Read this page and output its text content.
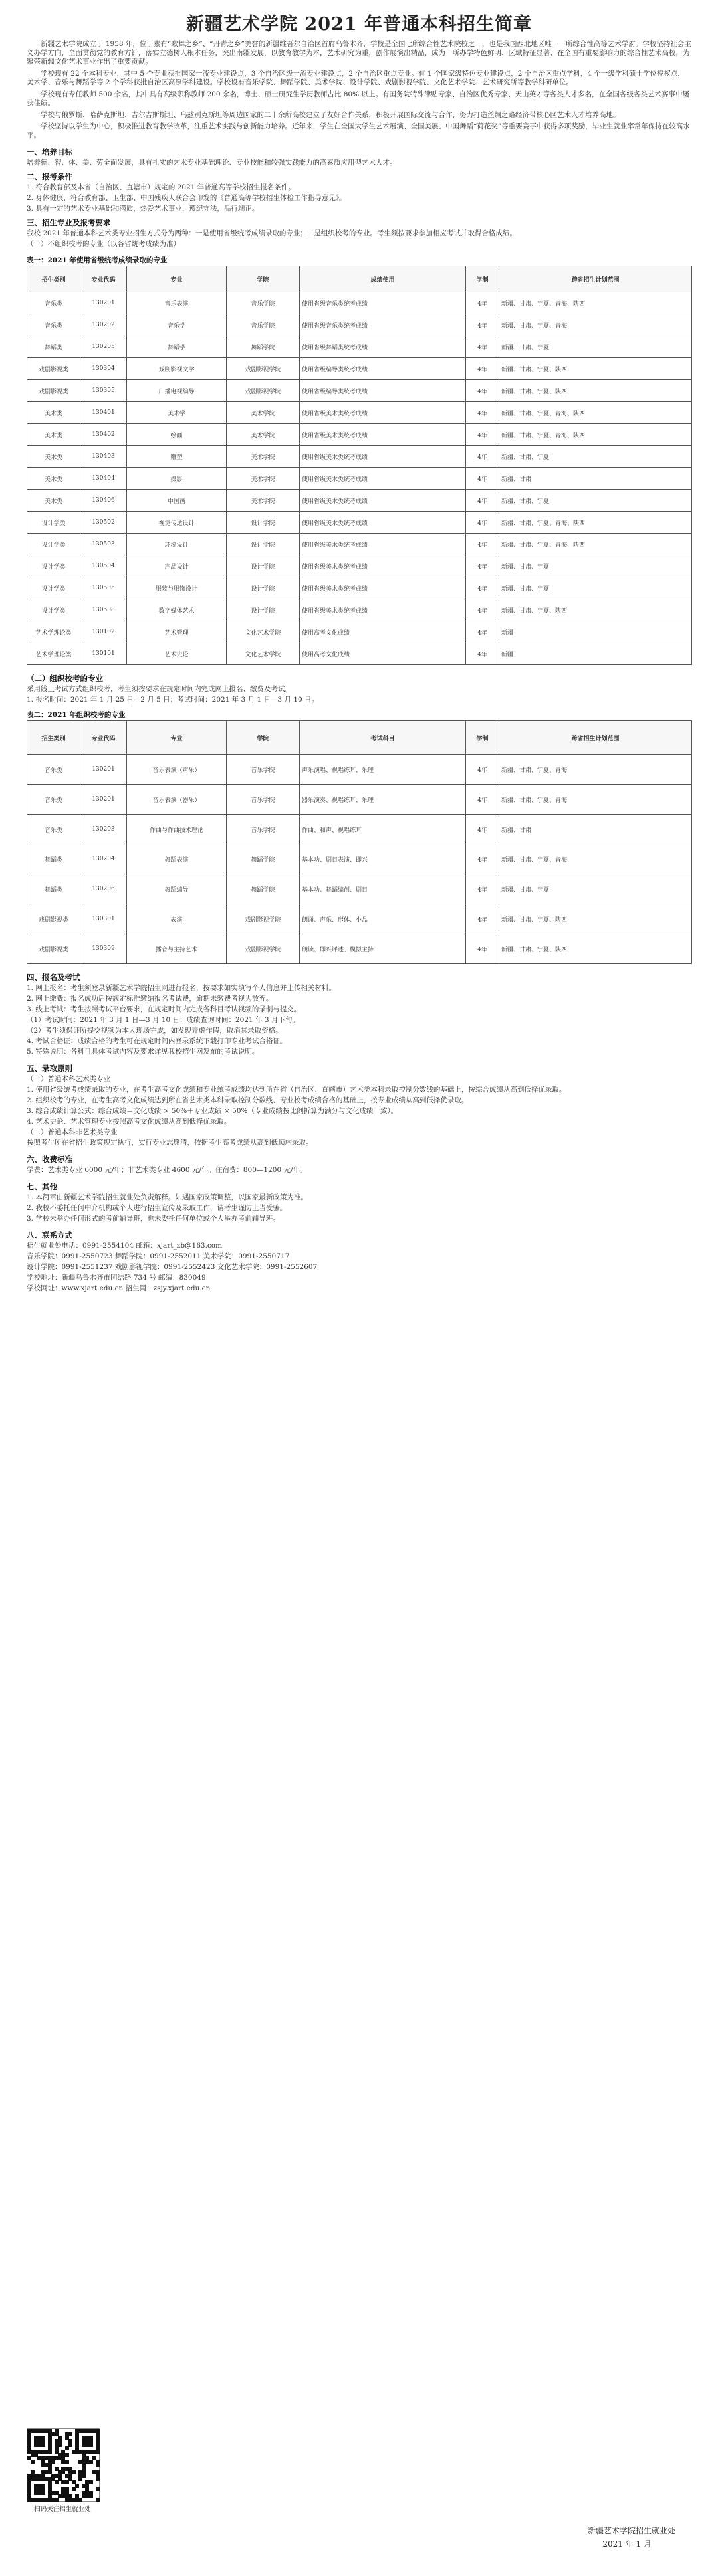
新疆艺术学院 2021 年普通本科招生简章

新疆艺术学院成立于 1958 年，位于素有“歌舞之乡”、“丹青之乡”美誉的新疆维吾尔自治区首府乌鲁木齐，学校是全国七所综合性艺术院校之一，也是我国西北地区唯一一所综合性高等艺术学府。学校坚持社会主义办学方向，全面贯彻党的教育方针，落实立德树人根本任务，突出南疆发展，以教育教学为本，艺术研究为重，创作展演出精品，成为一所办学特色鲜明、区域特征显著、在全国有重要影响力的综合性艺术高校，为繁荣新疆文化艺术事业作出了重要贡献。

学校现有 22 个本科专业，其中 5 个专业获批国家一流专业建设点，3 个自治区级一流专业建设点，2 个自治区重点专业。有 1 个国家级特色专业建设点，2 个自治区重点学科，4 个一级学科硕士学位授权点，美术学、音乐与舞蹈学等 2 个学科获批自治区高原学科建设。学校设有音乐学院、舞蹈学院、美术学院、设计学院、戏剧影视学院、文化艺术学院、艺术研究所等教学科研单位。

学校现有专任教师 500 余名，其中具有高级职称教师 200 余名，博士、硕士研究生学历教师占比 80% 以上。有国务院特殊津贴专家、自治区优秀专家、天山英才等各类人才多名，在全国各级各类艺术赛事中屡获佳绩。

学校与俄罗斯、哈萨克斯坦、吉尔吉斯斯坦、乌兹别克斯坦等周边国家的二十余所高校建立了友好合作关系，积极开展国际交流与合作，努力打造丝绸之路经济带核心区艺术人才培养高地。

学校坚持以学生为中心，积极推进教育教学改革，注重艺术实践与创新能力培养。近年来，学生在全国大学生艺术展演、全国美展、中国舞蹈“荷花奖”等重要赛事中获得多项奖励，毕业生就业率常年保持在较高水平。

一、培养目标
培养德、智、体、美、劳全面发展，具有扎实的艺术专业基础理论、专业技能和较强实践能力的高素质应用型艺术人才。
二、报考条件
1. 符合教育部及本省（自治区、直辖市）规定的 2021 年普通高等学校招生报名条件。
2. 身体健康，符合教育部、卫生部、中国残疾人联合会印发的《普通高等学校招生体检工作指导意见》。
3. 具有一定的艺术专业基础和潜质，热爱艺术事业，遵纪守法，品行端正。
三、招生专业及报考要求
我校 2021 年普通本科艺术类专业招生方式分为两种：一是使用省级统考成绩录取的专业；二是组织校考的专业。考生须按要求参加相应考试并取得合格成绩。
（一）不组织校考的专业（以各省统考成绩为准）
表一：2021 年使用省级统考成绩录取的专业
招生类别	专业代码	专业	学院	成绩使用	学制	跨省招生计划范围
音乐类	130201	音乐表演	音乐学院	使用省级音乐类统考成绩	4年	新疆、甘肃、宁夏、青海、陕西
音乐类	130202	音乐学	音乐学院	使用省级音乐类统考成绩	4年	新疆、甘肃、宁夏、青海
舞蹈类	130205	舞蹈学	舞蹈学院	使用省级舞蹈类统考成绩	4年	新疆、甘肃、宁夏
戏剧影视类	130304	戏剧影视文学	戏剧影视学院	使用省级编导类统考成绩	4年	新疆、甘肃、宁夏、陕西
戏剧影视类	130305	广播电视编导	戏剧影视学院	使用省级编导类统考成绩	4年	新疆、甘肃、宁夏、陕西
美术类	130401	美术学	美术学院	使用省级美术类统考成绩	4年	新疆、甘肃、宁夏、青海、陕西
美术类	130402	绘画	美术学院	使用省级美术类统考成绩	4年	新疆、甘肃、宁夏、青海、陕西
美术类	130403	雕塑	美术学院	使用省级美术类统考成绩	4年	新疆、甘肃、宁夏
美术类	130404	摄影	美术学院	使用省级美术类统考成绩	4年	新疆、甘肃
美术类	130406	中国画	美术学院	使用省级美术类统考成绩	4年	新疆、甘肃、宁夏
设计学类	130502	视觉传达设计	设计学院	使用省级美术类统考成绩	4年	新疆、甘肃、宁夏、青海、陕西
设计学类	130503	环境设计	设计学院	使用省级美术类统考成绩	4年	新疆、甘肃、宁夏、青海、陕西
设计学类	130504	产品设计	设计学院	使用省级美术类统考成绩	4年	新疆、甘肃、宁夏
设计学类	130505	服装与服饰设计	设计学院	使用省级美术类统考成绩	4年	新疆、甘肃、宁夏
设计学类	130508	数字媒体艺术	设计学院	使用省级美术类统考成绩	4年	新疆、甘肃、宁夏、陕西
艺术学理论类	130102	艺术管理	文化艺术学院	使用高考文化成绩	4年	新疆
艺术学理论类	130101	艺术史论	文化艺术学院	使用高考文化成绩	4年	新疆
（二）组织校考的专业
采用线上考试方式组织校考，考生须按要求在规定时间内完成网上报名、缴费及考试。
1. 报名时间：2021 年 1 月 25 日—2 月 5 日；考试时间：2021 年 3 月 1 日—3 月 10 日。
表二：2021 年组织校考的专业
招生类别	专业代码	专业	学院	考试科目	学制	跨省招生计划范围
音乐类	130201	音乐表演（声乐）	音乐学院	声乐演唱、视唱练耳、乐理	4年	新疆、甘肃、宁夏、青海
音乐类	130201	音乐表演（器乐）	音乐学院	器乐演奏、视唱练耳、乐理	4年	新疆、甘肃、宁夏、青海
音乐类	130203	作曲与作曲技术理论	音乐学院	作曲、和声、视唱练耳	4年	新疆、甘肃
舞蹈类	130204	舞蹈表演	舞蹈学院	基本功、剧目表演、即兴	4年	新疆、甘肃、宁夏、青海
舞蹈类	130206	舞蹈编导	舞蹈学院	基本功、舞蹈编创、剧目	4年	新疆、甘肃、宁夏
戏剧影视类	130301	表演	戏剧影视学院	朗诵、声乐、形体、小品	4年	新疆、甘肃、宁夏、陕西
戏剧影视类	130309	播音与主持艺术	戏剧影视学院	朗读、即兴评述、模拟主持	4年	新疆、甘肃、宁夏、陕西
四、报名及考试
1. 网上报名：考生须登录新疆艺术学院招生网进行报名，按要求如实填写个人信息并上传相关材料。
2. 网上缴费：报名成功后按规定标准缴纳报名考试费，逾期未缴费者视为放弃。
3. 线上考试：考生按照考试平台要求，在规定时间内完成各科目考试视频的录制与提交。
（1）考试时间：2021 年 3 月 1 日—3 月 10 日；成绩查询时间：2021 年 3 月下旬。
（2）考生须保证所提交视频为本人现场完成，如发现弄虚作假，取消其录取资格。
4. 考试合格证：成绩合格的考生可在规定时间内登录系统下载打印专业考试合格证。
5. 特殊说明：各科目具体考试内容及要求详见我校招生网发布的考试说明。
五、录取原则
（一）普通本科艺术类专业
1. 使用省级统考成绩录取的专业，在考生高考文化成绩和专业统考成绩均达到所在省（自治区、直辖市）艺术类本科录取控制分数线的基础上，按综合成绩从高到低择优录取。
2. 组织校考的专业，在考生高考文化成绩达到所在省艺术类本科录取控制分数线、专业校考成绩合格的基础上，按专业成绩从高到低择优录取。
3. 综合成绩计算公式：综合成绩＝文化成绩 × 50%＋专业成绩 × 50%（专业成绩按比例折算为满分与文化成绩一致）。
4. 艺术史论、艺术管理专业按照高考文化成绩从高到低择优录取。
（二）普通本科非艺术类专业
按照考生所在省招生政策规定执行，实行专业志愿清，依据考生高考成绩从高到低顺序录取。
六、收费标准
学费：艺术类专业 6000 元/年；非艺术类专业 4600 元/年。住宿费：800—1200 元/年。
七、其他
1. 本简章由新疆艺术学院招生就业处负责解释。如遇国家政策调整，以国家最新政策为准。
2. 我校不委托任何中介机构或个人进行招生宣传及录取工作，请考生谨防上当受骗。
3. 学校未举办任何形式的考前辅导班，也未委托任何单位或个人举办考前辅导班。
八、联系方式
招生就业处电话：0991-2554104 邮箱：xjart_zb@163.com
音乐学院：0991-2550723 舞蹈学院：0991-2552011 美术学院：0991-2550717
设计学院：0991-2551237 戏剧影视学院：0991-2552423 文化艺术学院：0991-2552607
学校地址：新疆乌鲁木齐市团结路 734 号 邮编：830049
学校网址：www.xjart.edu.cn 招生网：zsjy.xjart.edu.cn
扫码关注招生就业处
新疆艺术学院招生就业处
2021 年 1 月
